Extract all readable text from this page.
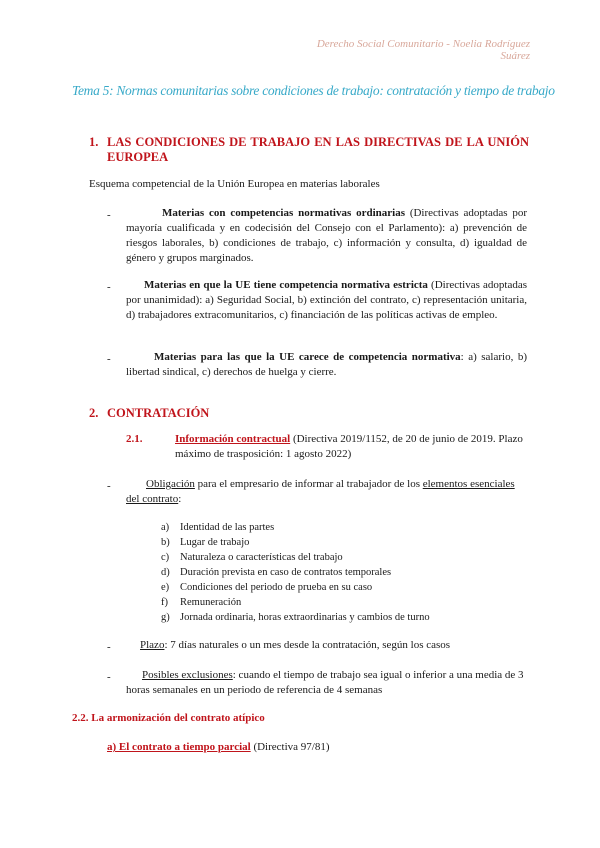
Derecho Social Comunitario - Noelia Rodríguez Suárez
Tema 5: Normas comunitarias sobre condiciones de trabajo: contratación y tiempo de trabajo
1. LAS CONDICIONES DE TRABAJO EN LAS DIRECTIVAS DE LA UNIÓN
EUROPEA
Esquema competencial de la Unión Europea en materias laborales
-	Materias con competencias normativas ordinarias (Directivas adoptadas por mayoría cualificada y en codecisión del Consejo con el Parlamento): a) prevención de riesgos laborales, b) condiciones de trabajo, c) información y consulta, d) igualdad de género y grupos marginados.
-	Materias en que la UE tiene competencia normativa estricta (Directivas adoptadas por unanimidad): a) Seguridad Social, b) extinción del contrato, c) representación unitaria, d) trabajadores extracomunitarios, c) financiación de las políticas activas de empleo.
-	Materias para las que la UE carece de competencia normativa: a) salario, b) libertad sindical, c) derechos de huelga y cierre.
2. CONTRATACIÓN
2.1.	Información contractual (Directiva 2019/1152, de 20 de junio de 2019. Plazo máximo de trasposición: 1 agosto 2022)
-	Obligación para el empresario de informar al trabajador de los elementos esenciales del contrato:
a)	Identidad de las partes
b) Lugar de trabajo
c)	Naturaleza o características del trabajo
d) Duración prevista en caso de contratos temporales
e)	Condiciones del periodo de prueba en su caso
f)	Remuneración
g) Jornada ordinaria, horas extraordinarias y cambios de turno
-	Plazo: 7 días naturales o un mes desde la contratación, según los casos
-	Posibles exclusiones: cuando el tiempo de trabajo sea igual o inferior a una media de 3 horas semanales en un periodo de referencia de 4 semanas
2.2. La armonización del contrato atípico
a) El contrato a tiempo parcial (Directiva 97/81)
